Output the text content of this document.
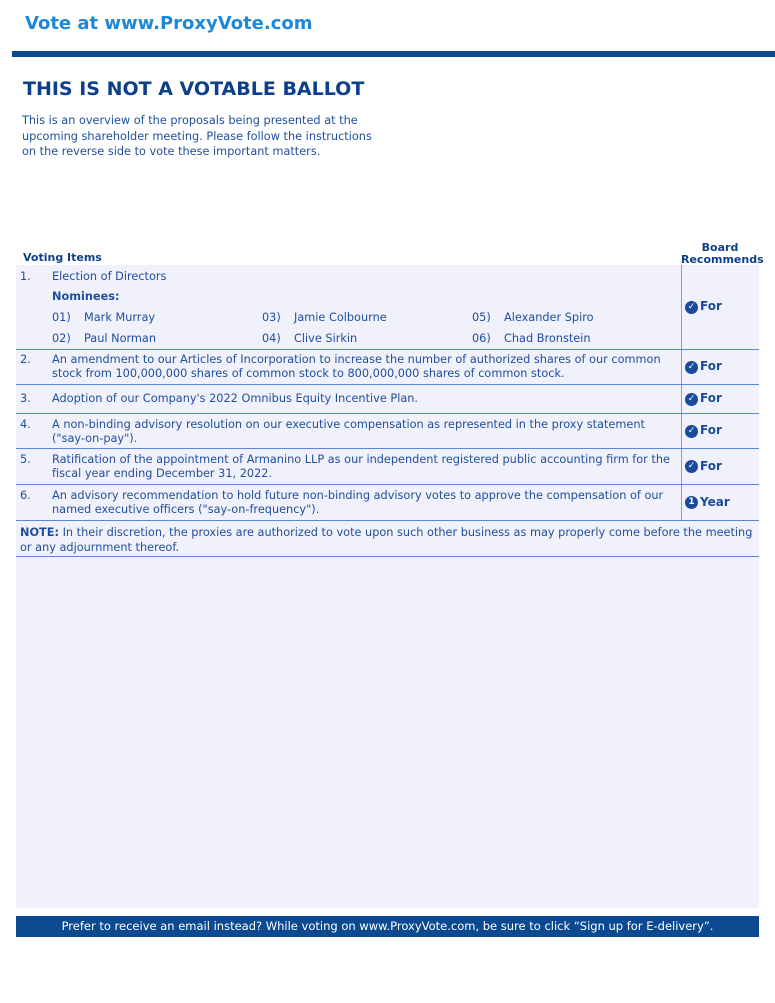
Vote at www.ProxyVote.com
THIS IS NOT A VOTABLE BALLOT
This is an overview of the proposals being presented at the upcoming shareholder meeting. Please follow the instructions on the reverse side to vote these important matters.
Voting Items
Board Recommends
1. Election of Directors
Nominees:
01) Mark Murray
02) Paul Norman
03) Jamie Colbourne
04) Clive Sirkin
05) Alexander Spiro
06) Chad Bronstein
✓ For
2. An amendment to our Articles of Incorporation to increase the number of authorized shares of our common stock from 100,000,000 shares of common stock to 800,000,000 shares of common stock.	✓ For
3. Adoption of our Company's 2022 Omnibus Equity Incentive Plan.	✓ For
4. A non-binding advisory resolution on our executive compensation as represented in the proxy statement ("say-on-pay").
✓ For
5. Ratification of the appointment of Armanino LLP as our independent registered public accounting firm for the fiscal year ending December 31, 2022.
✓ For
6. An advisory recommendation to hold future non-binding advisory votes to approve the compensation of our named executive officers ("say-on-frequency").
1 Year
NOTE: In their discretion, the proxies are authorized to vote upon such other business as may properly come before the meeting or any adjournment thereof.
Prefer to receive an email instead? While voting on www.ProxyVote.com, be sure to click “Sign up for E-delivery”.
